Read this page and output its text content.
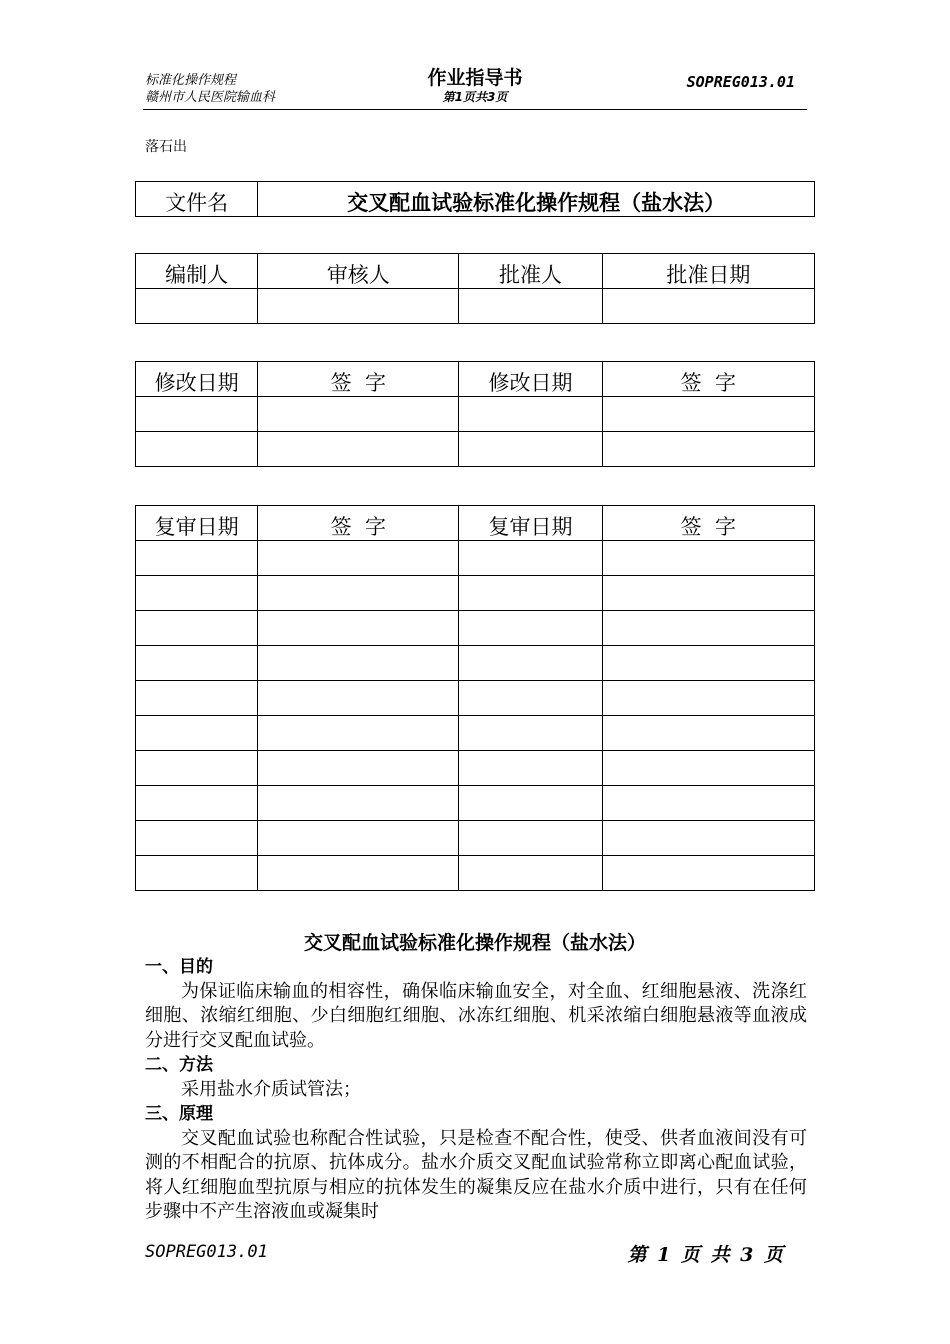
标准化操作规程
赣州市人民医院输血科
作业指导书
第1页共3页
SOPREG013.01
落石出
文件名	交叉配血试验标准化操作规程（盐水法）
编制人	审核人	批准人	批准日期

修改日期	签  字	修改日期	签  字

复审日期	签  字	复审日期	签  字

交叉配血试验标准化操作规程（盐水法）
一、目的
为保证临床输血的相容性，确保临床输血安全，对全血、红细胞悬液、洗涤红细胞、浓缩红细胞、少白细胞红细胞、冰冻红细胞、机采浓缩白细胞悬液等血液成分进行交叉配血试验。
二、方法
采用盐水介质试管法；
三、原理
交叉配血试验也称配合性试验，只是检查不配合性，使受、供者血液间没有可测的不相配合的抗原、抗体成分。盐水介质交叉配血试验常称立即离心配血试验，将人红细胞血型抗原与相应的抗体发生的凝集反应在盐水介质中进行，只有在任何步骤中不产生溶液血或凝集时
SOPREG013.01	第 1 页 共 3 页
